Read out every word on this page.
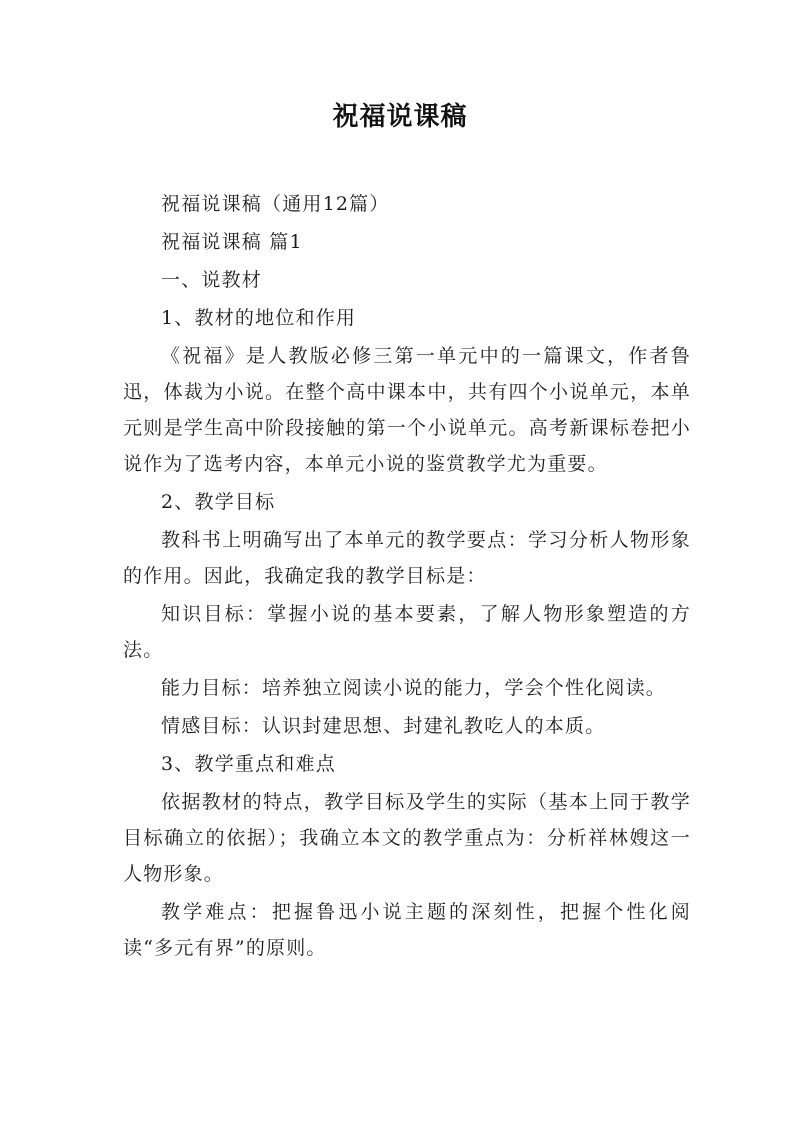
祝福说课稿

祝福说课稿（通用12篇）

祝福说课稿 篇1

一、说教材

1、教材的地位和作用

《祝福》是人教版必修三第一单元中的一篇课文，作者鲁迅，体裁为小说。在整个高中课本中，共有四个小说单元，本单元则是学生高中阶段接触的第一个小说单元。高考新课标卷把小说作为了选考内容，本单元小说的鉴赏教学尤为重要。

2、教学目标

教科书上明确写出了本单元的教学要点：学习分析人物形象的作用。因此，我确定我的教学目标是：

知识目标：掌握小说的基本要素，了解人物形象塑造的方法。

能力目标：培养独立阅读小说的能力，学会个性化阅读。

情感目标：认识封建思想、封建礼教吃人的本质。

3、教学重点和难点

依据教材的特点，教学目标及学生的实际（基本上同于教学目标确立的依据）；我确立本文的教学重点为：分析祥林嫂这一人物形象。

教学难点：把握鲁迅小说主题的深刻性，把握个性化阅读“多元有界”的原则。
